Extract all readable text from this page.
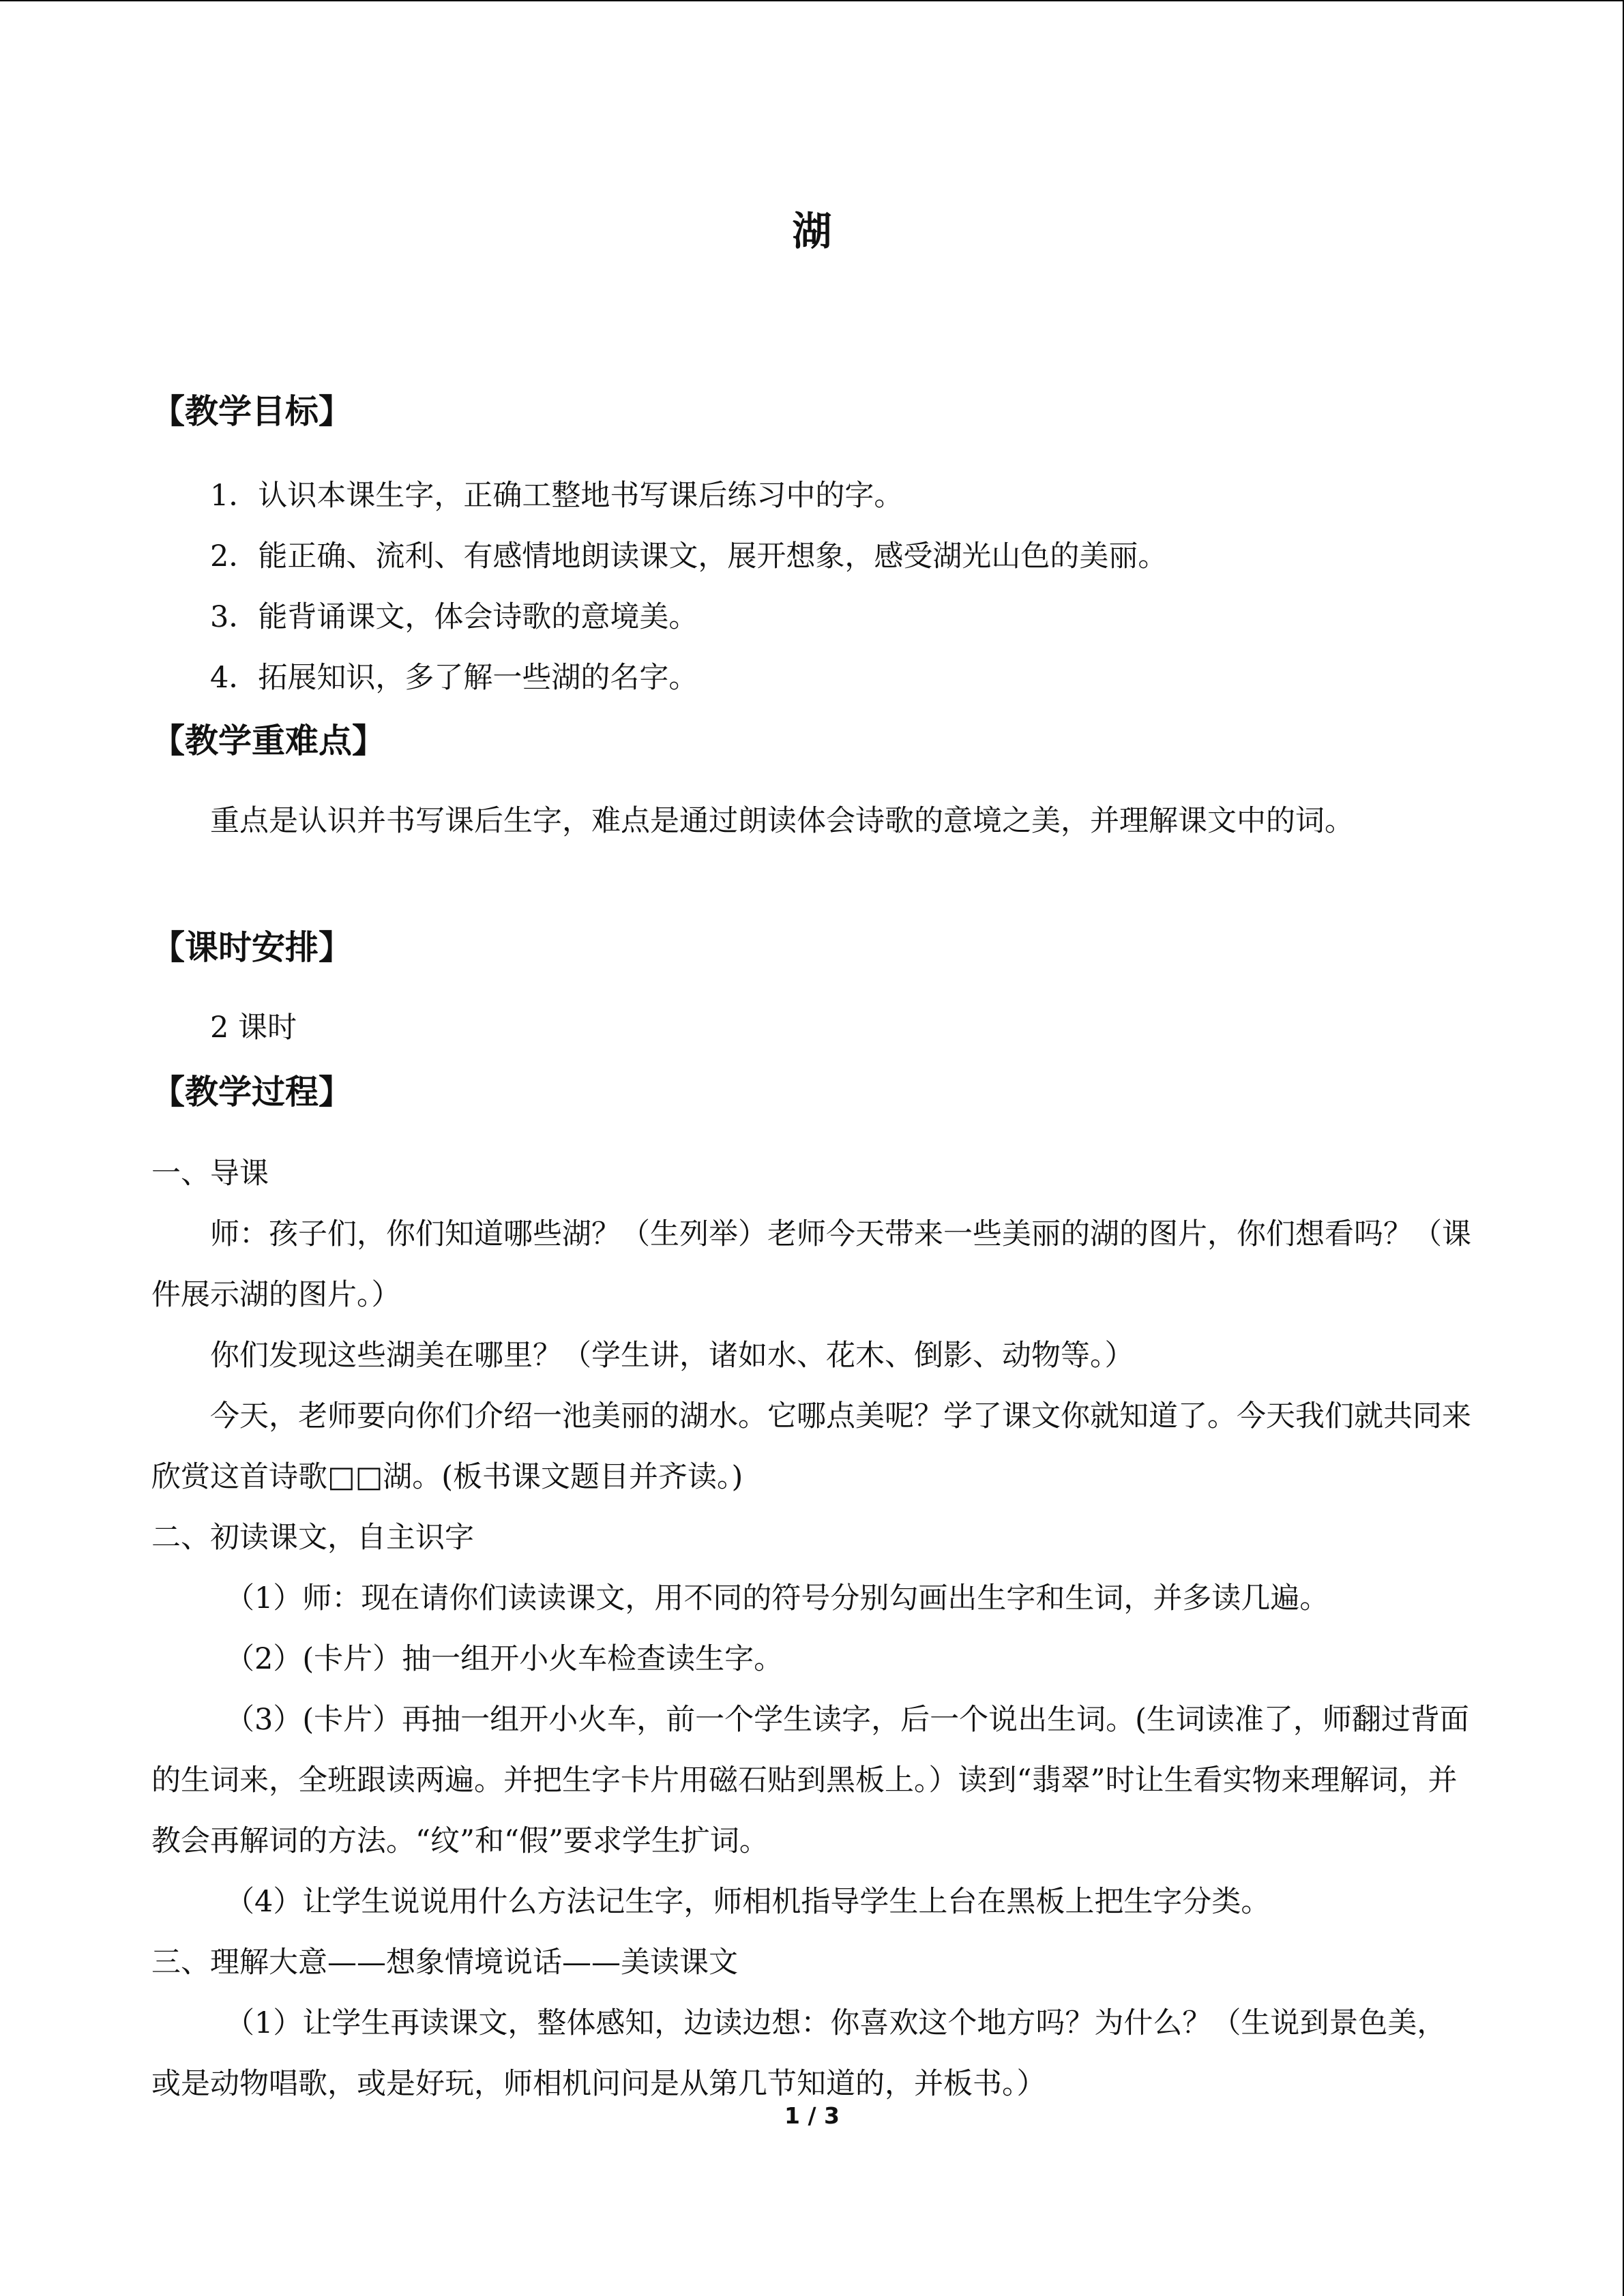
湖
【教学目标】

1．认识本课生字，正确工整地书写课后练习中的字。

2．能正确、流利、有感情地朗读课文，展开想象，感受湖光山色的美丽。

3．能背诵课文，体会诗歌的意境美。

4．拓展知识，多了解一些湖的名字。

【教学重难点】

重点是认识并书写课后生字，难点是通过朗读体会诗歌的意境之美，并理解课文中的词。

【课时安排】

2 课时

【教学过程】

一、导课

师：孩子们，你们知道哪些湖？（生列举）老师今天带来一些美丽的湖的图片，你们想看吗？（课件展示湖的图片。）

你们发现这些湖美在哪里？（学生讲，诸如水、花木、倒影、动物等。）

今天，老师要向你们介绍一池美丽的湖水。它哪点美呢？学了课文你就知道了。今天我们就共同来欣赏这首诗歌□□湖。(板书课文题目并齐读。)

二、初读课文，自主识字

（1）师：现在请你们读读课文，用不同的符号分别勾画出生字和生词，并多读几遍。

（2）(卡片）抽一组开小火车检查读生字。

（3）(卡片）再抽一组开小火车，前一个学生读字，后一个说出生词。(生词读准了，师翻过背面的生词来，全班跟读两遍。并把生字卡片用磁石贴到黑板上。）读到“翡翠”时让生看实物来理解词，并教会再解词的方法。“纹”和“假”要求学生扩词。

（4）让学生说说用什么方法记生字，师相机指导学生上台在黑板上把生字分类。

三、理解大意——想象情境说话——美读课文

（1）让学生再读课文，整体感知，边读边想：你喜欢这个地方吗？为什么？（生说到景色美，或是动物唱歌，或是好玩，师相机问问是从第几节知道的，并板书。）

1 / 3
